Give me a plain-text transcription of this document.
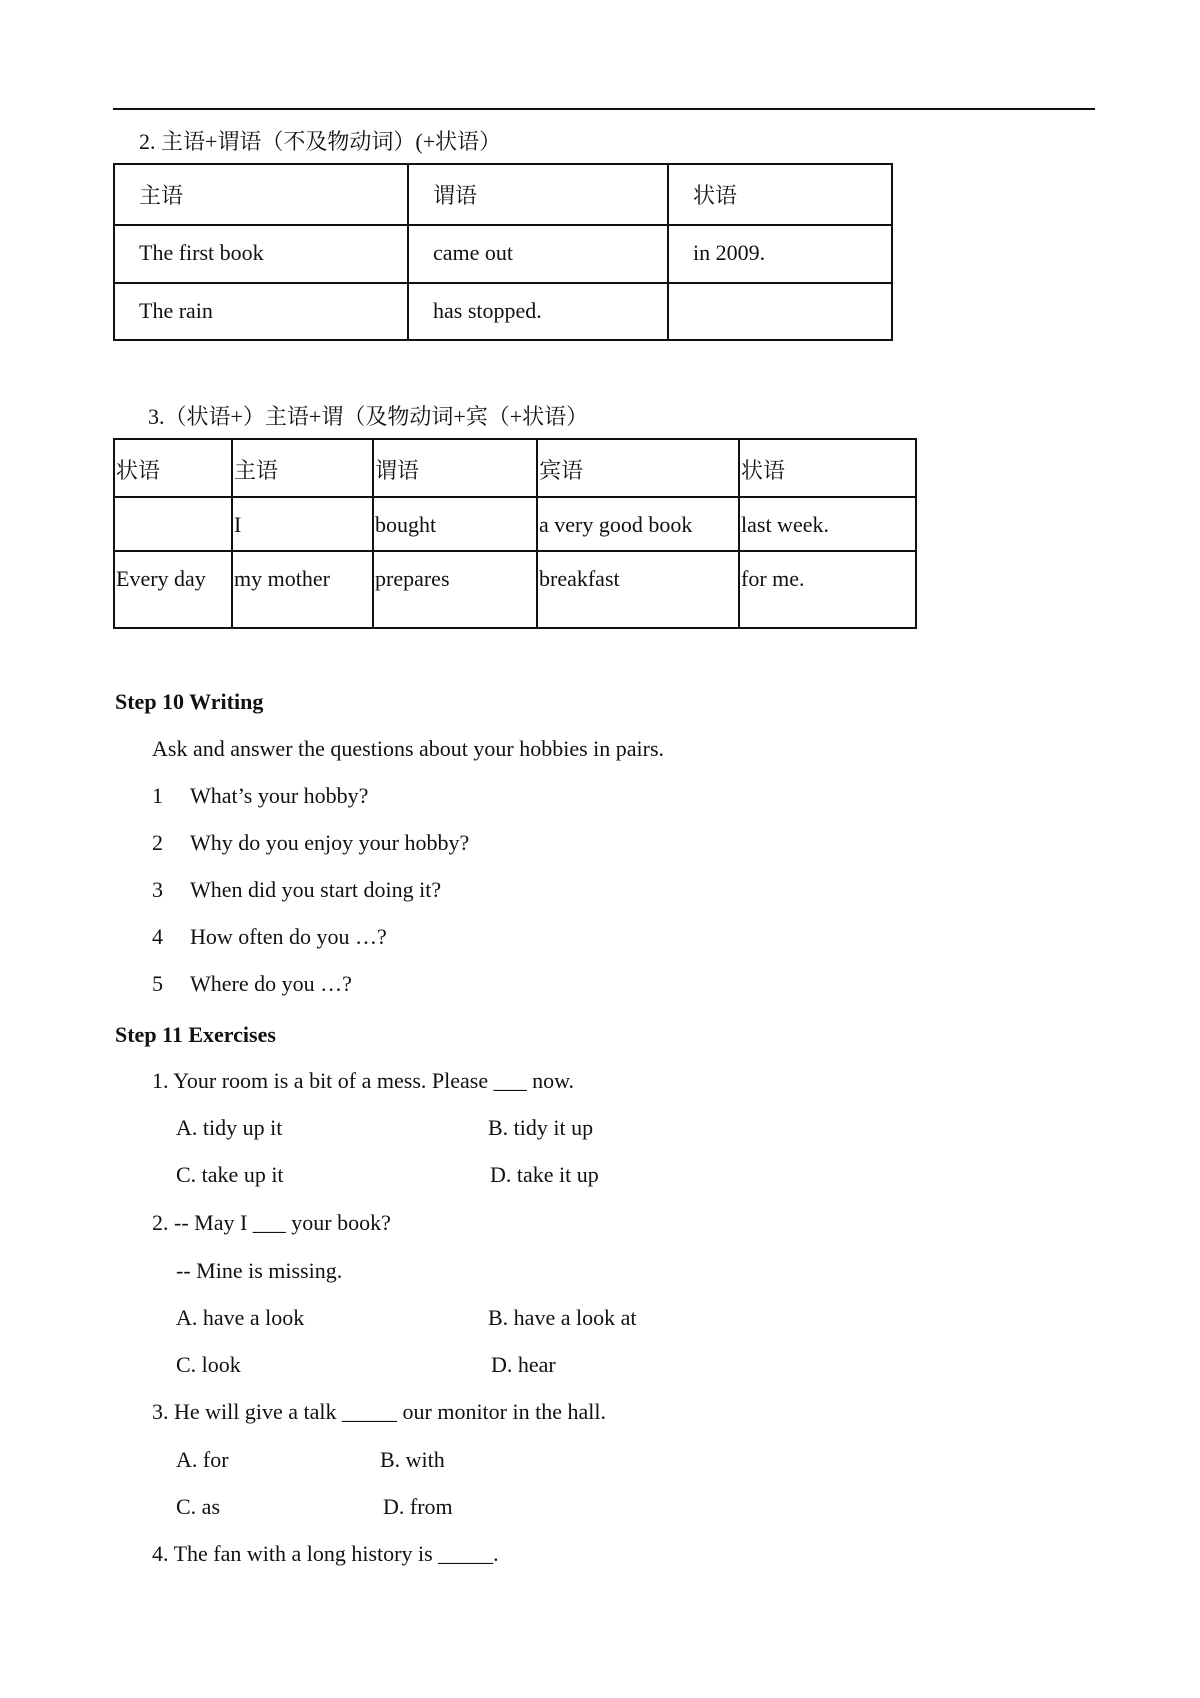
2. 主语+谓语（不及物动词）(+状语）
主语	谓语	状语
The first book	came out	in 2009.
The rain	has stopped.	
3.（状语+）主语+谓（及物动词+宾（+状语）
状语	主语	谓语	宾语	状语
	I	bought	a very good book	last week.
Every day	my mother	prepares	breakfast	for me.
Step 10 Writing
Ask and answer the questions about your hobbies in pairs.
1 What’s your hobby?
2 Why do you enjoy your hobby?
3 When did you start doing it?
4 How often do you …?
5 Where do you …?
Step 11 Exercises
1. Your room is a bit of a mess. Please ___ now.
A. tidy up it	B. tidy it up
C. take up it	D. take it up
2. -- May I ___ your book?
-- Mine is missing.
A. have a look	B. have a look at
C. look	D. hear
3. He will give a talk _____ our monitor in the hall.
A. for	B. with
C. as	D. from
4. The fan with a long history is _____.
